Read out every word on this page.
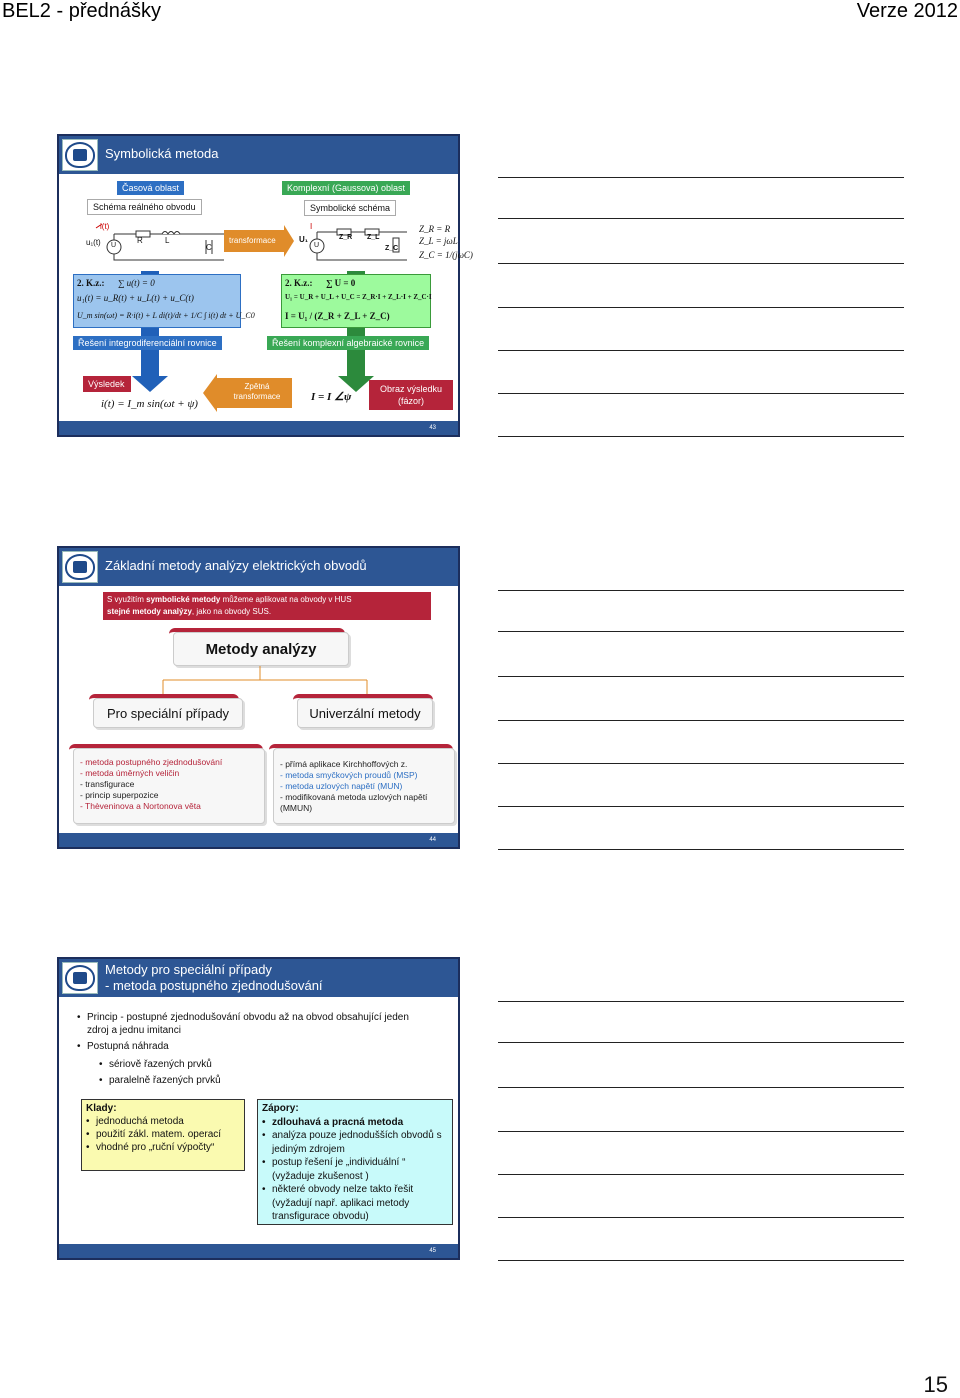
BEL2 - přednášky	Verze 2012
Symbolická metoda
Časová oblast
Schéma reálného obvodu
Komplexní (Gaussova) oblast
Symbolické schéma
i(t)
u₁(t) U
R	L
C
transformace
I
U₁
U
Z_R Z_L
Z_C
Z_R = R
Z_L = jωL
Z_C = 1/(jωC)
2. K.z.: ∑ u(t) = 0
u₁(t) = u_R(t) + u_L(t) + u_C(t)
U_m sin(ωt) = R·i(t) + L di(t)/dt + 1/C ∫ i(t) dt + U_C0
2. K.z.: ∑ U = 0
U₁ = U_R + U_L + U_C = Z_R·I + Z_L·I + Z_C·I
I = U₁ / (Z_R + Z_L + Z_C)
Řešení integrodiferenciální rovnice	Řešení komplexní algebraické rovnice
Výsledek
i(t) = I_m sin(ωt + ψ)
Zpětná transformace	I = I ∠ψ
Obraz výsledku (fázor)
43
Základní metody analýzy elektrických obvodů
S využitím symbolické metody můžeme aplikovat na obvody v HUS
stejné metody analýzy, jako na obvody SUS.
Metody analýzy
Pro speciální případy	Univerzální metody
- metoda postupného zjednodušování
- metoda úměrných veličin
- transfigurace
- princip superpozice
- Thèveninova a Nortonova věta
- přímá aplikace Kirchhoffových z.
- metoda smyčkových proudů (MSP)
- metoda uzlových napětí (MUN)
- modifikovaná metoda uzlových napětí (MMUN)
44
Metody pro speciální případy
- metoda postupného zjednodušování
• Princip - postupné zjednodušování obvodu až na obvod obsahující jeden zdroj a jednu imitanci
• Postupná náhrada
• sériově řazených prvků
• paralelně řazených prvků
Klady:
• jednoduchá metoda
• použití zákl. matem. operací
• vhodné pro „ruční výpočty“
Zápory:
• zdlouhavá a pracná metoda
• analýza pouze jednodušších obvodů s jediným zdrojem
• postup řešení je „individuální “ (vyžaduje zkušenost )
• některé obvody nelze takto řešit (vyžadují např. aplikaci metody transfigurace obvodu)
45
15
